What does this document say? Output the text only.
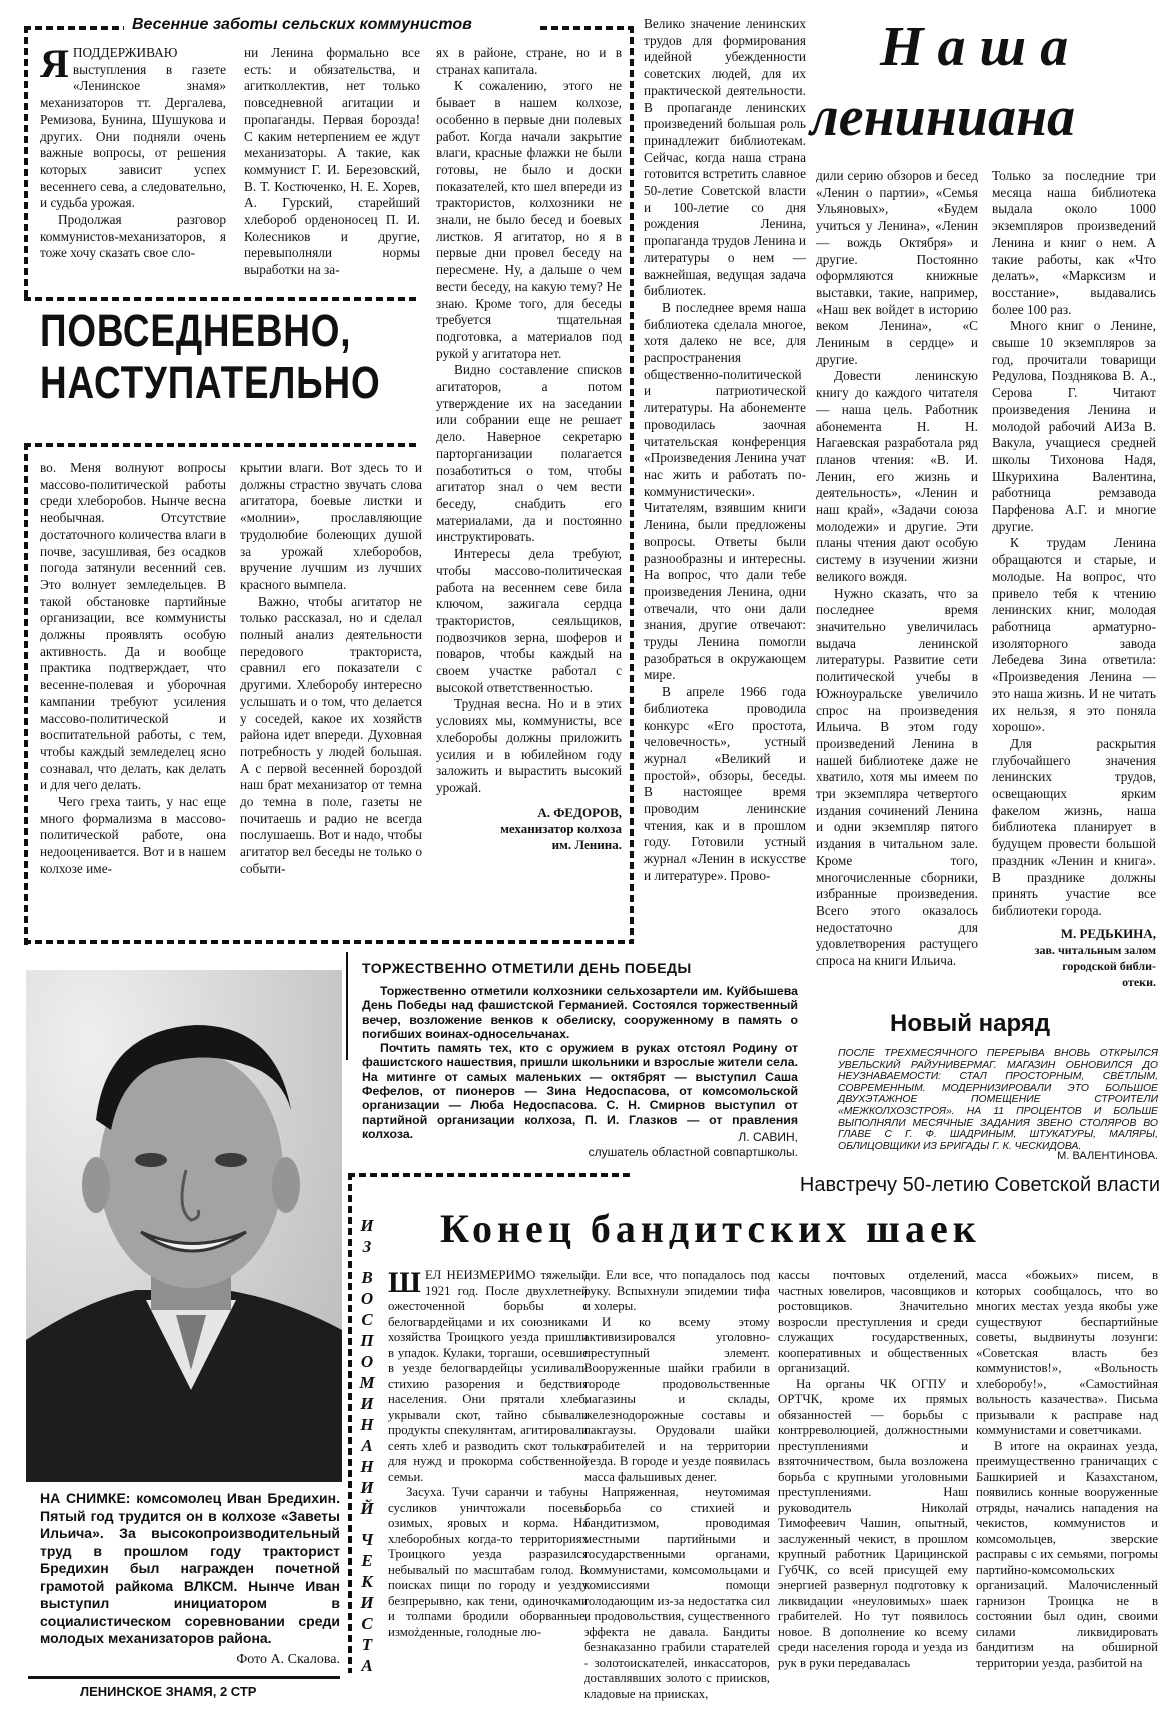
Весенние заботы сельских коммунистов
Я ПОДДЕРЖИВАЮ выступления в газете «Ленинское знамя» механизаторов тт. Дергалева, Ремизова, Бунина, Шушукова и других. Они подняли очень важные вопросы, от решения которых зависит успех весеннего сева, а следовательно, и судьба урожая.

Продолжая разговор коммунистов-механизаторов, я тоже хочу сказать свое сло-

ни Ленина формально все есть: и обязательства, и агитколлектив, нет только повседневной агитации и пропаганды. Первая борозда! С каким нетерпением ее ждут механизаторы. А такие, как коммунист Г. И. Березовский, В. Т. Костюченко, Н. Е. Хорев, А. Гурский, старейший хлебороб орденоносец П. И. Колесников и другие, перевыполняли нормы выработки на за-

ПОВСЕДНЕВНО,
НАСТУПАТЕЛЬНО

ях в районе, стране, но и в странах капитала.

К сожалению, этого не бывает в нашем колхозе, особенно в первые дни полевых работ. Когда начали закрытие влаги, красные флажки не были готовы, не было и доски показателей, кто шел впереди из трактористов, колхозники не знали, не было бесед и боевых листков. Я агитатор, но я в первые дни провел беседу на пересмене. Ну, а дальше о чем вести беседу, на какую тему? Не знаю. Кроме того, для беседы требуется тщательная подготовка, а материалов под рукой у агитатора нет.

Видно составление списков агитаторов, а потом утверждение их на заседании или собрании еще не решает дело. Наверное секретарю парторганизации полагается позаботиться о том, чтобы агитатор знал о чем вести беседу, снабдить его материалами, да и постоянно инструктировать.

Интересы дела требуют, чтобы массово-политическая работа на весеннем севе била ключом, зажигала сердца трактористов, сеяльщиков, подвозчиков зерна, шоферов и поваров, чтобы каждый на своем участке работал с высокой ответственностью.

Трудная весна. Но и в этих условиях мы, коммунисты, все хлеборобы должны приложить усилия и в юбилейном году заложить и вырастить высокий урожай.

А. ФЕДОРОВ,
механизатор колхоза
им. Ленина.

во. Меня волнуют вопросы массово-политической работы среди хлеборобов. Нынче весна необычная. Отсутствие достаточного количества влаги в почве, засушливая, без осадков погода затянули весенний сев. Это волнует земледельцев. В такой обстановке партийные организации, все коммунисты должны проявлять особую активность. Да и вообще практика подтверждает, что весенне-полевая и уборочная кампании требуют усиления массово-политической и воспитательной работы, с тем, чтобы каждый земледелец ясно сознавал, что делать, как делать и для чего делать.

Чего греха таить, у нас еще много формализма в массово-политической работе, она недооценивается. Вот и в нашем колхозе име-

крытии влаги. Вот здесь то и должны страстно звучать слова агитатора, боевые листки и «молнии», прославляющие трудолюбие болеющих душой за урожай хлеборобов, вручение лучшим из лучших красного вымпела.

Важно, чтобы агитатор не только рассказал, но и сделал полный анализ деятельности передового тракториста, сравнил его показатели с другими. Хлеборобу интересно услышать и о том, что делается у соседей, какое их хозяйств района идет впереди. Духовная потребность у людей большая. А с первой весенней бороздой наш брат механизатор от темна до темна в поле, газеты не почитаешь и радио не всегда послушаешь. Вот и надо, чтобы агитатор вел беседы не только о событи-

Наша
лениниана

Велико значение ленинских трудов для формирования идейной убежденности советских людей, для их практической деятельности. В пропаганде ленинских произведений большая роль принадлежит библиотекам. Сейчас, когда наша страна готовится встретить славное 50-летие Советской власти и 100-летие со дня рождения Ленина, пропаганда трудов Ленина и литературы о нем — важнейшая, ведущая задача библиотек.

В последнее время наша библиотека сделала многое, хотя далеко не все, для распространения общественно-политической и патриотической литературы. На абонементе проводилась заочная читательская конференция «Произведения Ленина учат нас жить и работать по-коммунистически». Читателям, взявшим книги Ленина, были предложены вопросы. Ответы были разнообразны и интересны. На вопрос, что дали тебе произведения Ленина, одни отвечали, что они дали знания, другие отвечают: труды Ленина помогли разобраться в окружающем мире.

В апреле 1966 года библиотека проводила конкурс «Его простота, человечность», устный журнал «Великий и простой», обзоры, беседы. В настоящее время проводим ленинские чтения, как и в прошлом году. Готовили устный журнал «Ленин в искусстве и литературе». Прово-

дили серию обзоров и бесед «Ленин о партии», «Семья Ульяновых», «Будем учиться у Ленина», «Ленин — вождь Октября» и другие. Постоянно оформляются книжные выставки, такие, например, «Наш век войдет в историю веком Ленина», «С Лениным в сердце» и другие.

Довести ленинскую книгу до каждого читателя — наша цель. Работник абонемента Н. Н. Нагаевская разработала ряд планов чтения: «В. И. Ленин, его жизнь и деятельность», «Ленин и наш край», «Задачи союза молодежи» и другие. Эти планы чтения дают особую систему в изучении жизни великого вождя.

Нужно сказать, что за последнее время значительно увеличилась выдача ленинской литературы. Развитие сети политической учебы в Южноуральске увеличило спрос на произведения Ильича. В этом году произведений Ленина в нашей библиотеке даже не хватило, хотя мы имеем по три экземпляра четвертого издания сочинений Ленина и одни экземпляр пятого издания в читальном зале. Кроме того, многочисленные сборники, избранные произведения. Всего этого оказалось недостаточно для удовлетворения растущего спроса на книги Ильича.

Только за последние три месяца наша библиотека выдала около 1000 экземпляров произведений Ленина и книг о нем. А такие работы, как «Что делать», «Марксизм и восстание», выдавались более 100 раз.

Много книг о Ленине, свыше 10 экземпляров за год, прочитали товарищи Редулова, Позднякова В. А., Серова Г. Читают произведения Ленина и молодой рабочий АИЗа В. Вакула, учащиеся средней школы Тихонова Надя, Шкурихина Валентина, работница ремзавода Парфенова А.Г. и многие другие.

К трудам Ленина обращаются и старые, и молодые. На вопрос, что привело тебя к чтению ленинских книг, молодая работница арматурно-изоляторного завода Лебедева Зина ответила: «Произведения Ленина — это наша жизнь. И не читать их нельзя, я это поняла хорошо».

Для раскрытия глубочайшего значения ленинских трудов, освещающих ярким факелом жизнь, наша библиотека планирует в будущем провести большой праздник «Ленин и книга». В празднике должны принять участие все библиотеки города.

М. РЕДЬКИНА,
зав. читальным залом городской библи-
отеки.
НА СНИМКЕ: комсомолец Иван Бредихин. Пятый год трудится он в колхозе «Заветы Ильича». За высокопроизводительный труд в прошлом году тракторист Бредихин был награжден почетной грамотой райкома ВЛКСМ. Нынче Иван выступил инициатором в социалистическом соревновании среди молодых механизаторов района.
Фото А. Скалова.
ТОРЖЕСТВЕННО ОТМЕТИЛИ ДЕНЬ ПОБЕДЫ

Торжественно отметили колхозники сельхозартели им. Куйбышева День Победы над фашистской Германией. Состоялся торжественный вечер, возложение венков к обелиску, сооруженному в память о погибших воинах-односельчанах.

Почтить память тех, кто с оружием в руках отстоял Родину от фашистского нашествия, пришли школьники и взрослые жители села. На митинге от самых маленьких — октябрят — выступил Саша Фефелов, от пионеров — Зина Недоспасова, от комсомольской организации — Люба Недоспасова. С. Н. Смирнов выступил от партийной организации колхоза, П. И. Глазков — от правления колхоза.	Л. САВИН,
слушатель областной совпартшколы.
Новый наряд
ПОСЛЕ ТРЕХМЕСЯЧНОГО ПЕРЕРЫВА ВНОВЬ ОТКРЫЛСЯ УВЕЛЬСКИЙ РАЙУНИВЕРМАГ. МАГАЗИН ОБНОВИЛСЯ ДО НЕУЗНАВАЕМОСТИ: СТАЛ ПРОСТОРНЫМ, СВЕТЛЫМ, СОВРЕМЕННЫМ. МОДЕРНИЗИРОВАЛИ ЭТО БОЛЬШОЕ ДВУХЭТАЖНОЕ ПОМЕЩЕНИЕ СТРОИТЕЛИ «МЕЖКОЛХОЗСТРОЯ». НА 11 ПРОЦЕНТОВ И БОЛЬШЕ ВЫПОЛНЯЛИ МЕСЯЧНЫЕ ЗАДАНИЯ ЗВЕНО СТОЛЯРОВ ВО ГЛАВЕ С Г. Ф. ШАДРИНЫМ, ШТУКАТУРЫ, МАЛЯРЫ, ОБЛИЦОВЩИКИ ИЗ БРИГАДЫ Г. К. ЧЕСКИДОВА.
М. ВАЛЕНТИНОВА.
Навстречу 50-летию Советской власти
Конец бандитских шаек
И
З

В
О
С
П
О
М
И
Н
А
Н
И
Й

Ч
Е
К
И
С
Т
А
Ш ЕЛ НЕИЗМЕРИМО тяжелый 1921 год. После двухлетней ожесточенной борьбы с белогвардейцами и их союзниками хозяйства Троицкого уезда пришли в упадок. Кулаки, торгаши, осевшие в уезде белогвардейцы усиливали стихию разорения и бедствия населения. Они прятали хлеб, укрывали скот, тайно сбывали продукты спекулянтам, агитировали сеять хлеб и разводить скот только для нужд и прокорма собственной семьи.

Засуха. Тучи саранчи и табуны сусликов уничтожали посевы озимых, яровых и корма. На хлеборобных когда-то территориях Троицкого уезда разразился небывалый по масштабам голод. В поисках пищи по городу и уезду безпрерывно, как тени, одиночками и толпами бродили оборванные, измożденные, голодные лю-

ди. Ели все, что попадалось под руку. Вспыхнули эпидемии тифа и холеры.

И ко всему этому активизировался уголовно-преступный элемент. Вооруженные шайки грабили в городе продовольственные магазины и склады, железнодорожные составы и пакгаузы. Орудовали шайки грабителей и на территории уезда. В городе и уезде появилась масса фальшивых денег.

Напряженная, неутомимая борьба со стихией и бандитизмом, проводимая местными партийными и государственными органами, коммунистами, комсомольцами и комиссиями помощи голодающим из-за недостатка сил и продовольствия, существенного эффекта не давала. Бандиты безнаказанно грабили старателей - золотоискателей, инкассаторов, доставлявших золото с приисков, кладовые на приисках,

кассы почтовых отделений, частных ювелиров, часовщиков и ростовщиков. Значительно возросли преступления и среди служащих государственных, кооперативных и общественных организаций.

На органы ЧК ОГПУ и ОРТЧК, кроме их прямых обязанностей — борьбы с контрреволюцией, должностными преступлениями и взяточничеством, была возложена борьба с крупными уголовными преступлениями. Наш руководитель Николай Тимофеевич Чашин, опытный, заслуженный чекист, в прошлом крупный работник Царицинской ГубЧК, со всей присущей ему энергией развернул подготовку к ликвидации «неуловимых» шаек грабителей. Но тут появилось новое. В дополнение ко всему среди населения города и уезда из рук в руки передавалась

масса «божьих» писем, в которых сообщалось, что во многих местах уезда якобы уже существуют беспартийные советы, выдвинуты лозунги: «Советская власть без коммунистов!», «Вольность хлеборобу!», «Самостийная вольность казачества». Письма призывали к расправе над коммунистами и советчиками.

В итоге на окраинах уезда, преимущественно граничащих с Башкирией и Казахстаном, появились конные вооруженные отряды, начались нападения на чекистов, коммунистов и комсомольцев, зверские расправы с их семьями, погромы партийно-комсомольских организаций. Малочисленный гарнизон Троицка не в состоянии был один, своими силами ликвидировать бандитизм на обширной территории уезда, разбитой на

ЛЕНИНСКОЕ ЗНАМЯ, 2 СТР
